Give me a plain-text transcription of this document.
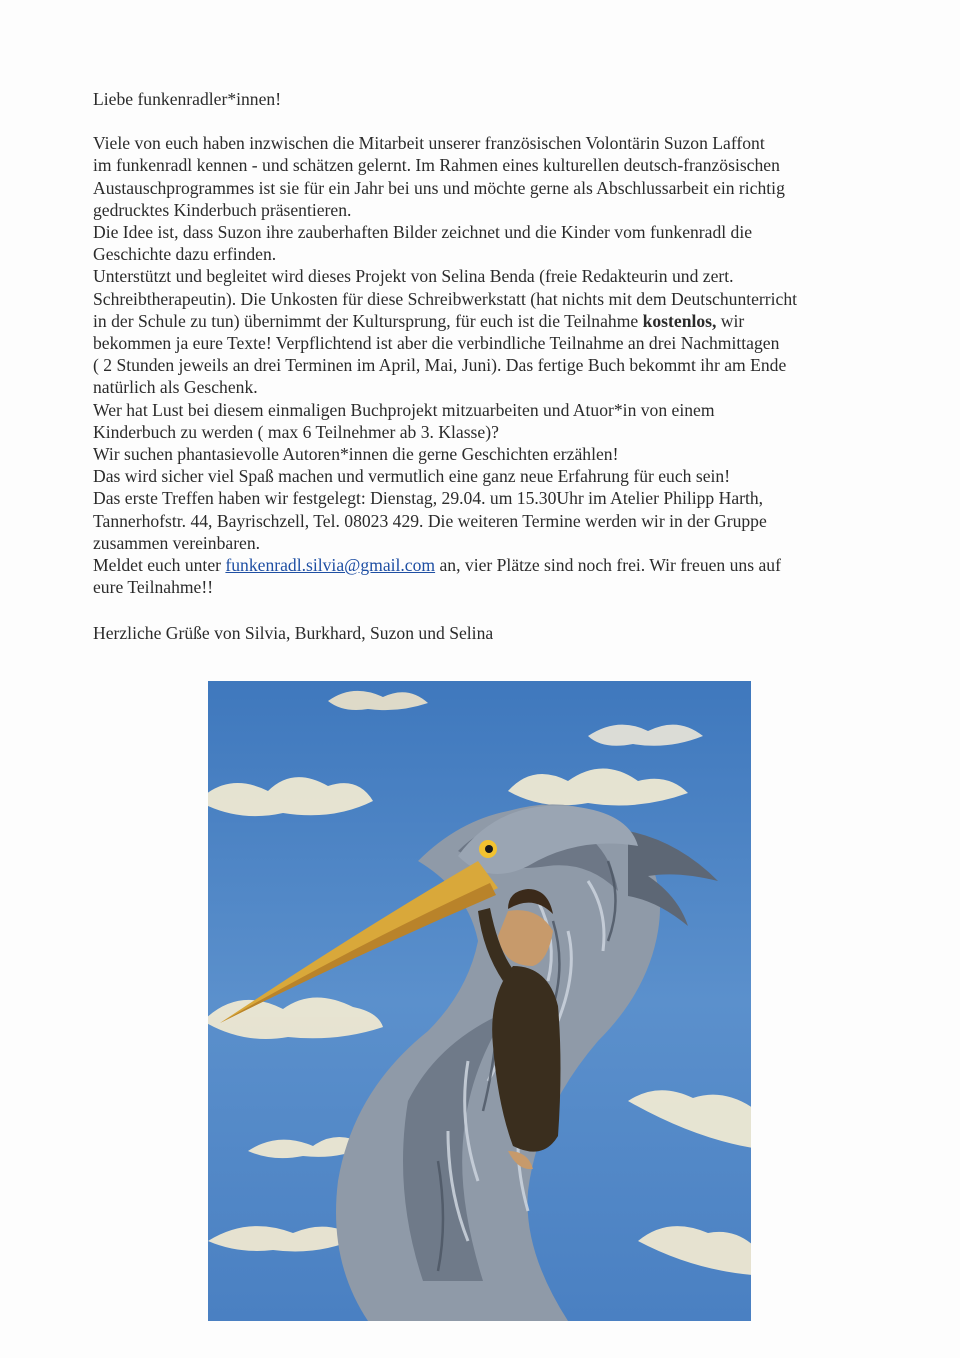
Liebe funkenradler*innen!

Viele von euch haben inzwischen die Mitarbeit unserer französischen Volontärin Suzon Laffont

im funkenradl kennen - und schätzen gelernt. Im Rahmen eines kulturellen deutsch-französischen

Austauschprogrammes ist sie für ein Jahr bei uns und möchte gerne als Abschlussarbeit ein richtig

gedrucktes Kinderbuch präsentieren.

Die Idee ist, dass Suzon ihre zauberhaften Bilder zeichnet und die Kinder vom funkenradl die

Geschichte dazu erfinden.

Unterstützt und begleitet wird dieses Projekt von Selina Benda (freie Redakteurin und zert.

Schreibtherapeutin). Die Unkosten für diese Schreibwerkstatt (hat nichts mit dem Deutschunterricht

in der Schule zu tun) übernimmt der Kultursprung, für euch ist die Teilnahme kostenlos, wir

bekommen ja eure Texte! Verpflichtend ist aber die verbindliche Teilnahme an drei Nachmittagen

( 2 Stunden jeweils an drei Terminen im April, Mai, Juni). Das fertige Buch bekommt ihr am Ende

natürlich als Geschenk.

Wer hat Lust bei diesem einmaligen Buchprojekt mitzuarbeiten und Atuor*in von einem

Kinderbuch zu werden ( max 6 Teilnehmer ab 3. Klasse)?

Wir suchen phantasievolle Autoren*innen die gerne Geschichten erzählen!

Das wird sicher viel Spaß machen und vermutlich eine ganz neue Erfahrung für euch sein!

Das erste Treffen haben wir festgelegt: Dienstag, 29.04. um 15.30Uhr im Atelier Philipp Harth,

Tannerhofstr. 44, Bayrischzell, Tel. 08023 429. Die weiteren Termine werden wir in der Gruppe

zusammen vereinbaren.

Meldet euch unter funkenradl.silvia@gmail.com an, vier Plätze sind noch frei. Wir freuen uns auf

eure Teilnahme!!

Herzliche Grüße von Silvia, Burkhard, Suzon und Selina
